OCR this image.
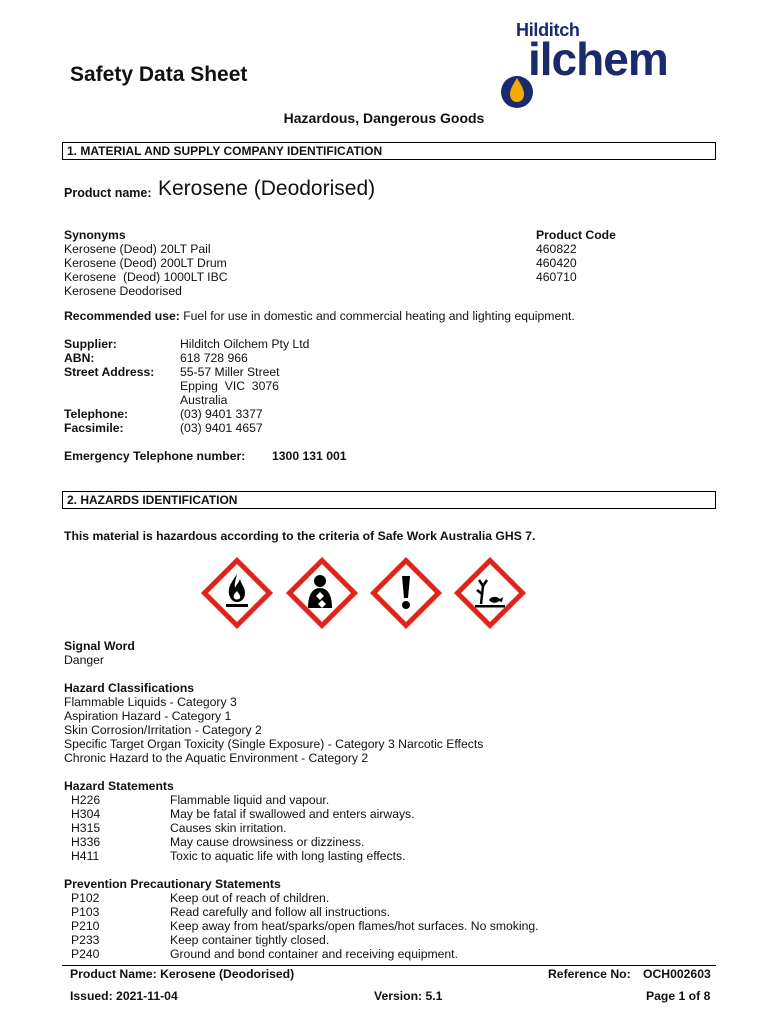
Safety Data Sheet
Hilditch
ilchem
Hazardous, Dangerous Goods
1. MATERIAL AND SUPPLY COMPANY IDENTIFICATION
Product name: Kerosene (Deodorised)
Synonyms	Product Code
Kerosene (Deod) 20LT Pail	460822
Kerosene (Deod) 200LT Drum	460420
Kerosene  (Deod) 1000LT IBC	460710
Kerosene Deodorised
Recommended use: Fuel for use in domestic and commercial heating and lighting equipment.
Supplier:	Hilditch Oilchem Pty Ltd
ABN:	618 728 966
Street Address: 55-57 Miller Street
Epping  VIC  3076
Australia
Telephone:	(03) 9401 3377
Facsimile:	(03) 9401 4657
Emergency Telephone number: 1300 131 001
2. HAZARDS IDENTIFICATION
This material is hazardous according to the criteria of Safe Work Australia GHS 7.
Signal Word
Danger
Hazard Classifications
Flammable Liquids - Category 3
Aspiration Hazard - Category 1
Skin Corrosion/Irritation - Category 2
Specific Target Organ Toxicity (Single Exposure) - Category 3 Narcotic Effects
Chronic Hazard to the Aquatic Environment - Category 2
Hazard Statements
H226	Flammable liquid and vapour.
H304	May be fatal if swallowed and enters airways.
H315	Causes skin irritation.
H336	May cause drowsiness or dizziness.
H411	Toxic to aquatic life with long lasting effects.
Prevention Precautionary Statements
P102	Keep out of reach of children.
P103	Read carefully and follow all instructions.
P210	Keep away from heat/sparks/open flames/hot surfaces. No smoking.
P233	Keep container tightly closed.
P240	Ground and bond container and receiving equipment.
Product Name: Kerosene (Deodorised)	Reference No: OCH002603
Issued: 2021-11-04	Version: 5.1	Page 1 of 8
